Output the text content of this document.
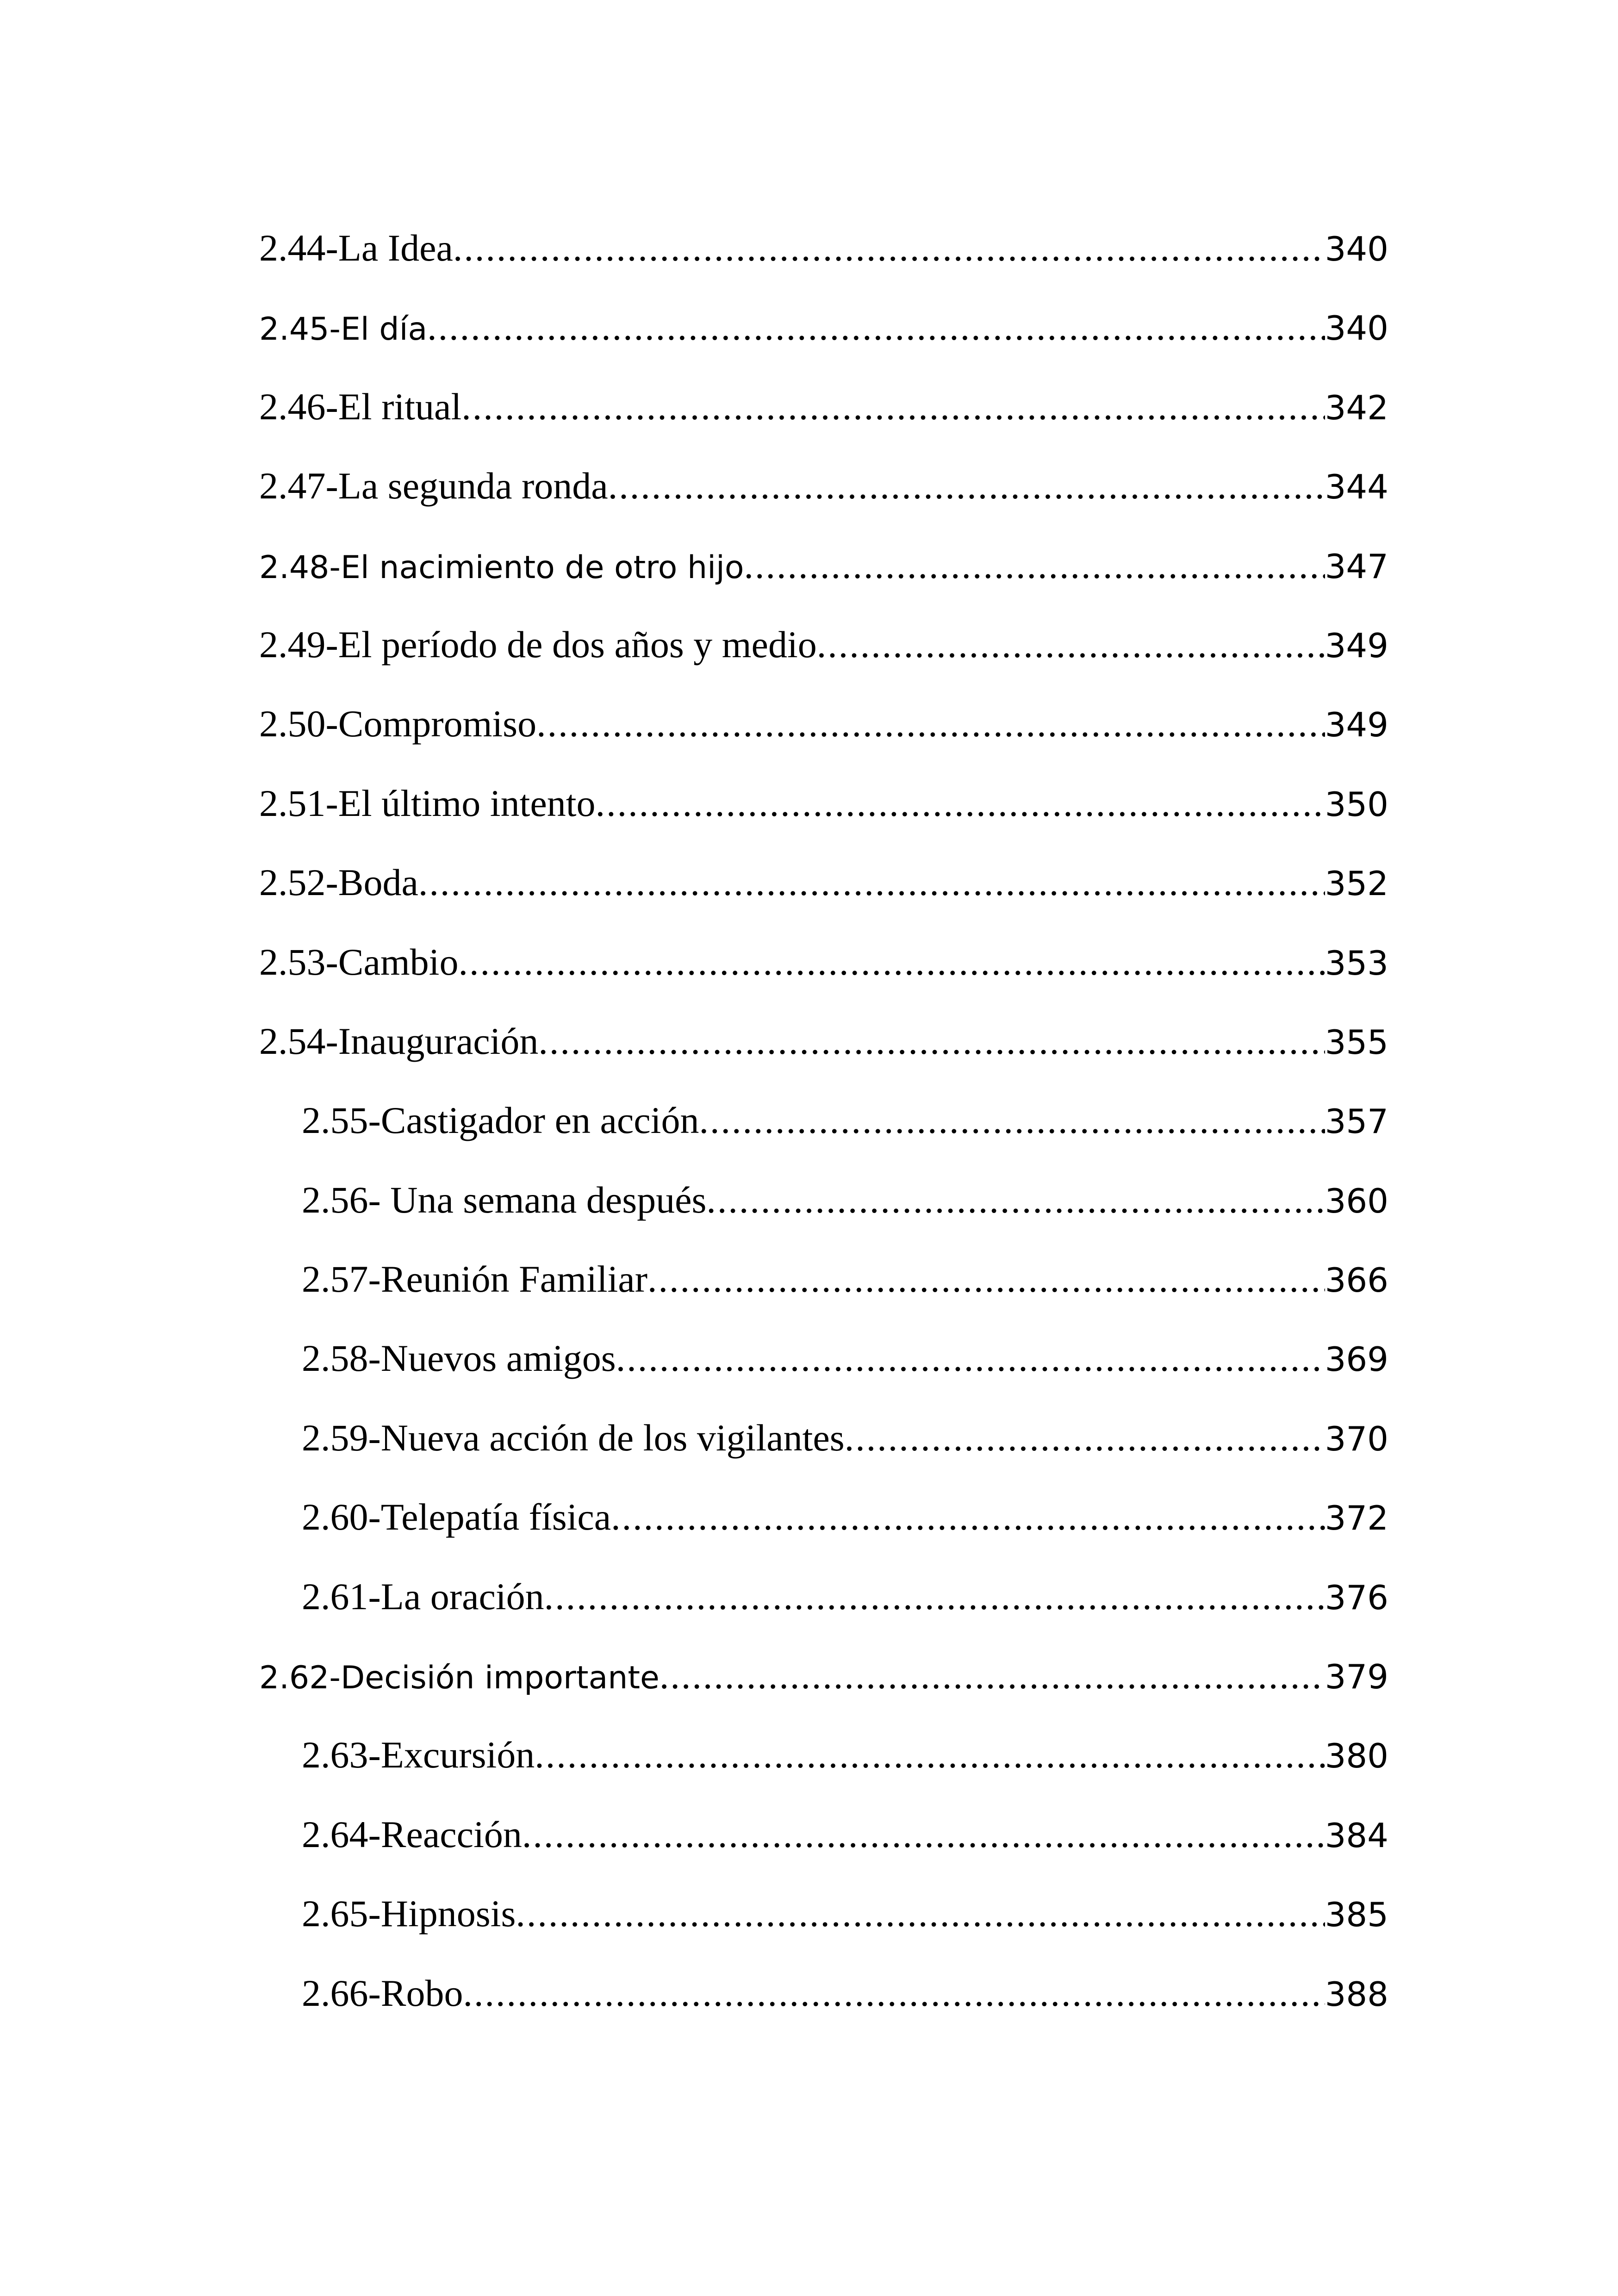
2.44-La Idea .....	340
2.45-El día .....	340
2.46-El ritual .....	342
2.47-La segunda ronda .....	344
2.48-El nacimiento de otro hijo .....	347
2.49-El período de dos años y medio .....	349
2.50-Compromiso .....	349
2.51-El último intento .....	350
2.52-Boda .....	352
2.53-Cambio .....	353
2.54-Inauguración .....	355
2.55-Castigador en acción .....	357
2.56- Una semana después .....	360
2.57-Reunión Familiar .....	366
2.58-Nuevos amigos .....	369
2.59-Nueva acción de los vigilantes .....	370
2.60-Telepatía física .....	372
2.61-La oración .....	376
2.62-Decisión importante .....	379
2.63-Excursión .....	380
2.64-Reacción .....	384
2.65-Hipnosis .....	385
2.66-Robo .....	388
